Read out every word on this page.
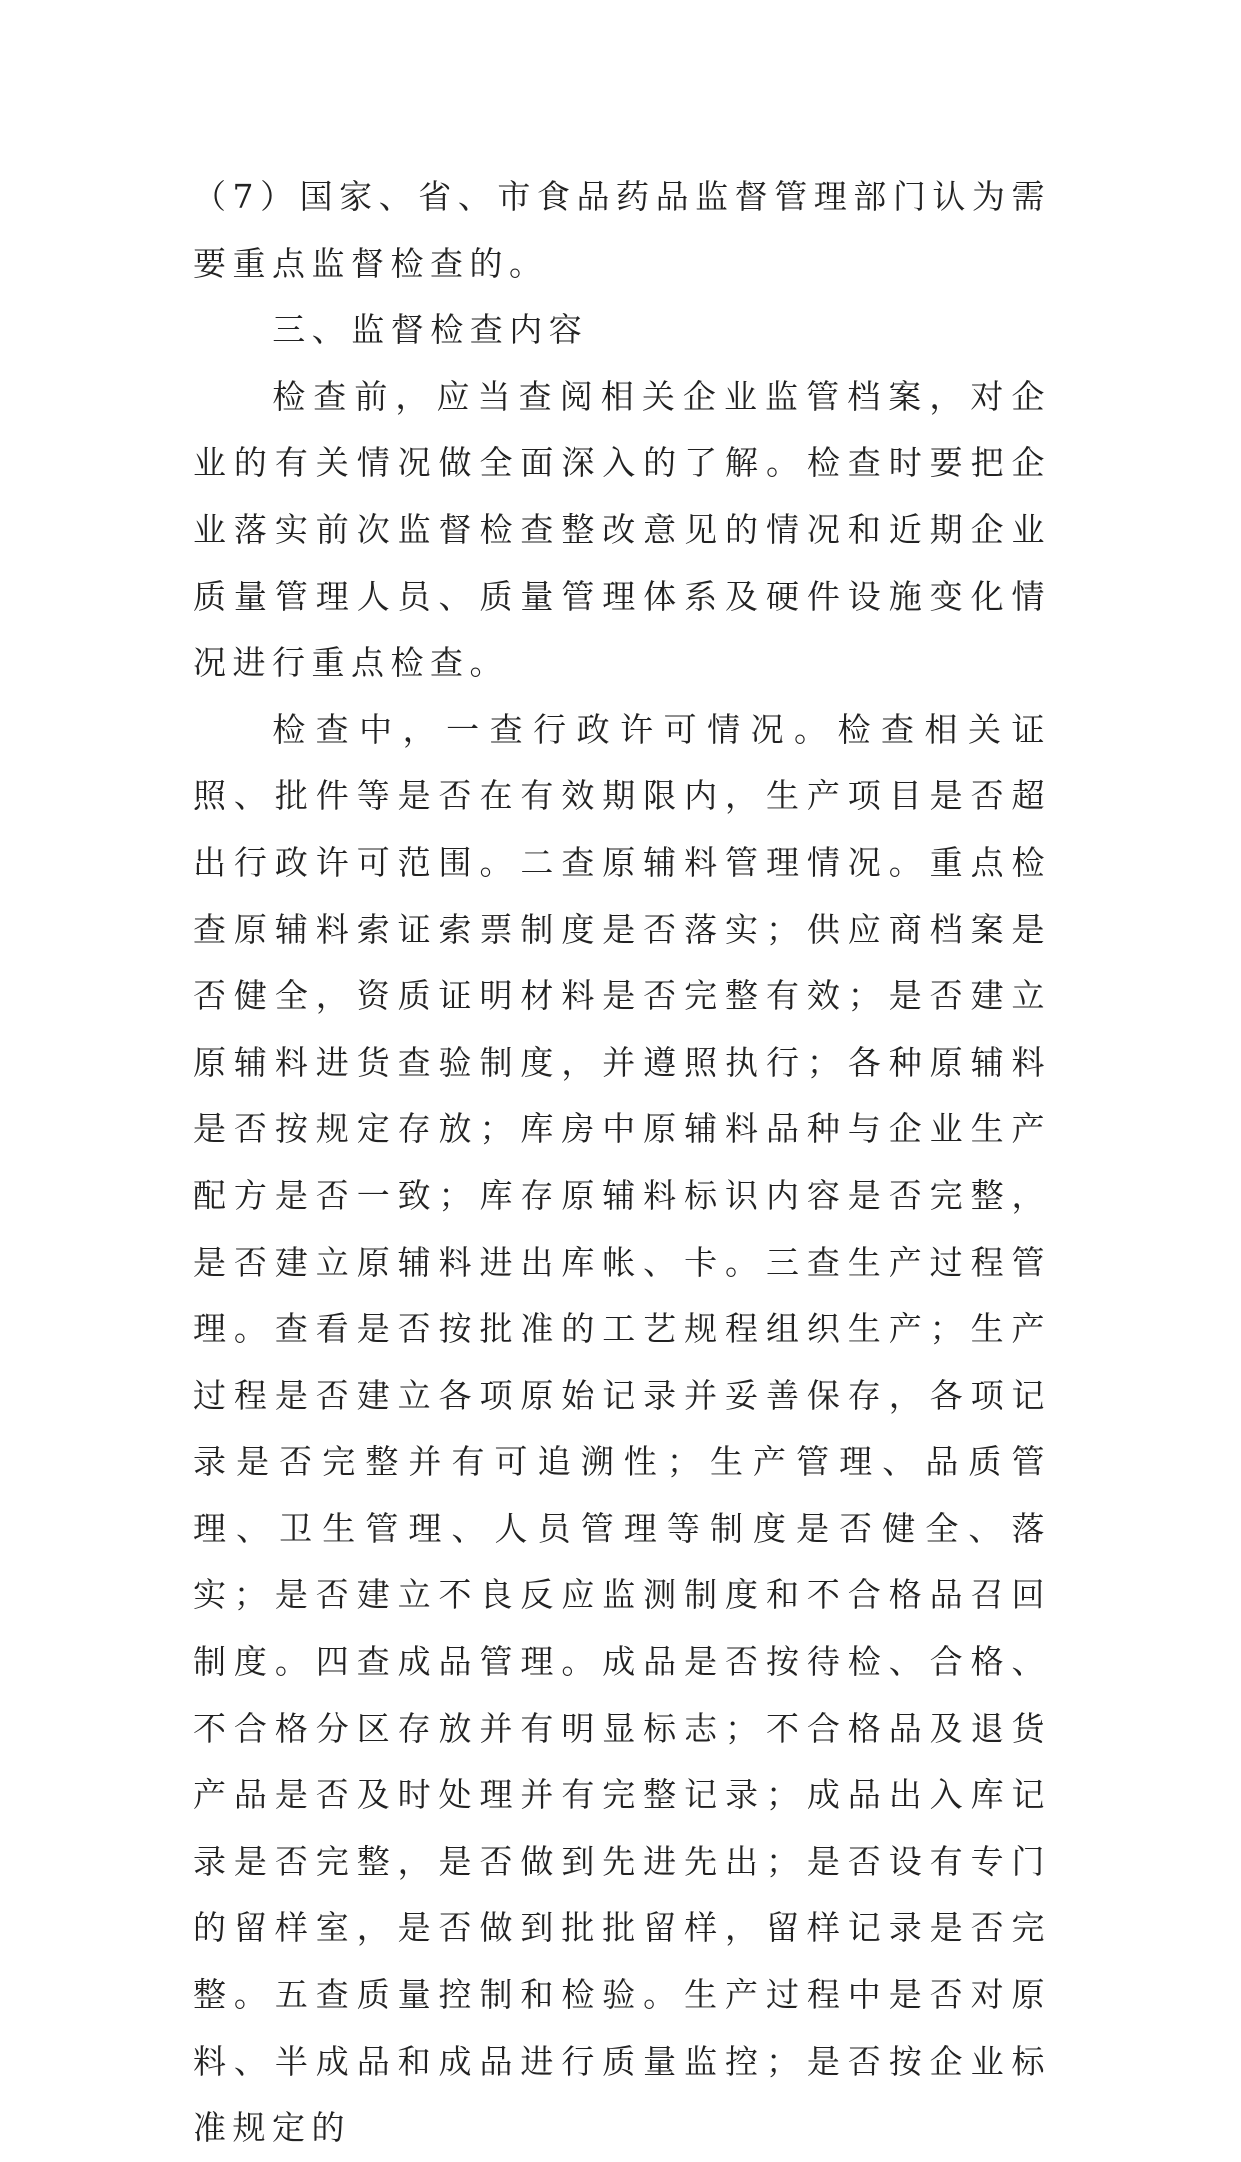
（7）国家、省、市食品药品监督管理部门认为需要重点监督检查的。

三、监督检查内容

检查前，应当查阅相关企业监管档案，对企业的有关情况做全面深入的了解。检查时要把企业落实前次监督检查整改意见的情况和近期企业质量管理人员、质量管理体系及硬件设施变化情况进行重点检查。

检查中，一查行政许可情况。检查相关证照、批件等是否在有效期限内，生产项目是否超出行政许可范围。二查原辅料管理情况。重点检查原辅料索证索票制度是否落实；供应商档案是否健全，资质证明材料是否完整有效；是否建立原辅料进货查验制度，并遵照执行；各种原辅料是否按规定存放；库房中原辅料品种与企业生产配方是否一致；库存原辅料标识内容是否完整，是否建立原辅料进出库帐、卡。三查生产过程管理。查看是否按批准的工艺规程组织生产；生产过程是否建立各项原始记录并妥善保存，各项记录是否完整并有可追溯性；生产管理、品质管理、卫生管理、人员管理等制度是否健全、落实；是否建立不良反应监测制度和不合格品召回制度。四查成品管理。成品是否按待检、合格、不合格分区存放并有明显标志；不合格品及退货产品是否及时处理并有完整记录；成品出入库记录是否完整，是否做到先进先出；是否设有专门的留样室，是否做到批批留样，留样记录是否完整。五查质量控制和检验。生产过程中是否对原料、半成品和成品进行质量监控；是否按企业标准规定的
